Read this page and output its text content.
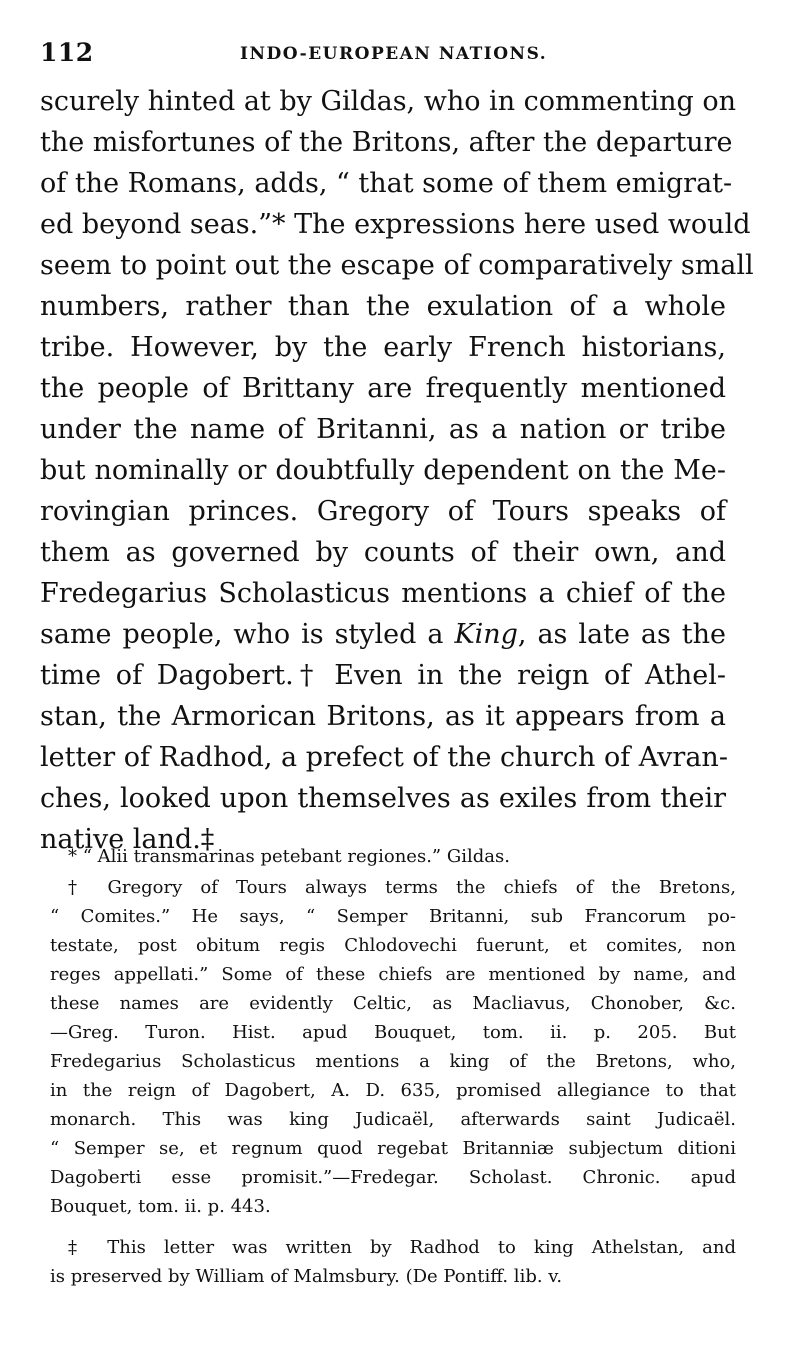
112	INDO-EUROPEAN NATIONS.
scurely hinted at by Gildas, who in commenting on
the misfortunes of the Britons, after the departure
of the Romans, adds, “ that some of them emigrat-
ed beyond seas.”* The expressions here used would
seem to point out the escape of comparatively small
numbers, rather than the exulation of a whole
tribe. However, by the early French historians,
the people of Brittany are frequently mentioned
under the name of Britanni, as a nation or tribe
but nominally or doubtfully dependent on the Me-
rovingian princes. Gregory of Tours speaks of
them as governed by counts of their own, and
Fredegarius Scholasticus mentions a chief of the
same people, who is styled a King, as late as the
time of Dagobert.† Even in the reign of Athel-
stan, the Armorican Britons, as it appears from a
letter of Radhod, a prefect of the church of Avran-
ches, looked upon themselves as exiles from their
native land.‡
* “ Alii transmarinas petebant regiones.” Gildas.
† Gregory of Tours always terms the chiefs of the Bretons,
“ Comites.” He says, “ Semper Britanni, sub Francorum po-
testate, post obitum regis Chlodovechi fuerunt, et comites, non
reges appellati.” Some of these chiefs are mentioned by name, and
these names are evidently Celtic, as Macliavus, Chonober, &c.
—Greg. Turon. Hist. apud Bouquet, tom. ii. p. 205. But
Fredegarius Scholasticus mentions a king of the Bretons, who,
in the reign of Dagobert, A. D. 635, promised allegiance to that
monarch. This was king Judicaël, afterwards saint Judicaël.
“ Semper se, et regnum quod regebat Britanniæ subjectum ditioni
Dagoberti esse promisit.”—Fredegar. Scholast. Chronic. apud
Bouquet, tom. ii. p. 443.
‡ This letter was written by Radhod to king Athelstan, and
is preserved by William of Malmsbury. (De Pontiff. lib. v.
